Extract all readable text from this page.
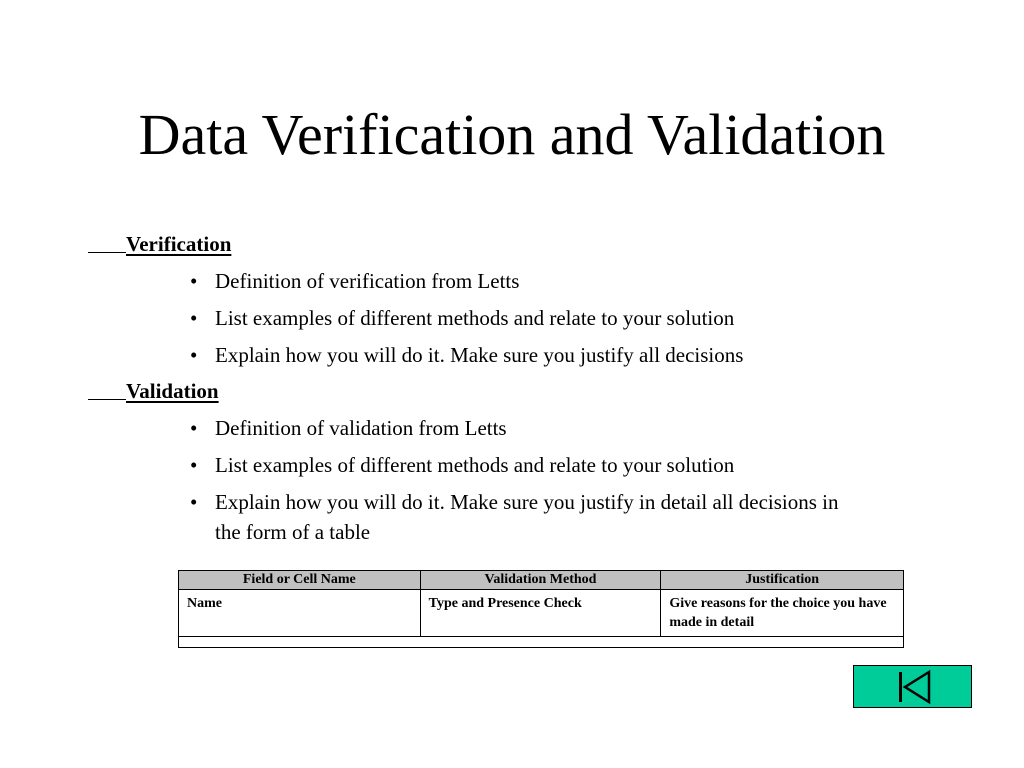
Data Verification and Validation
Verification
• Definition of verification from Letts
• List examples of different methods and relate to your solution
• Explain how you will do it. Make sure you justify all decisions
Validation
• Definition of validation from Letts
• List examples of different methods and relate to your solution
• Explain how you will do it. Make sure you justify in detail all decisions in the form of a table
Field or Cell Name	Validation Method	Justification
Name	Type and Presence Check	Give reasons for the choice you have made in detail
